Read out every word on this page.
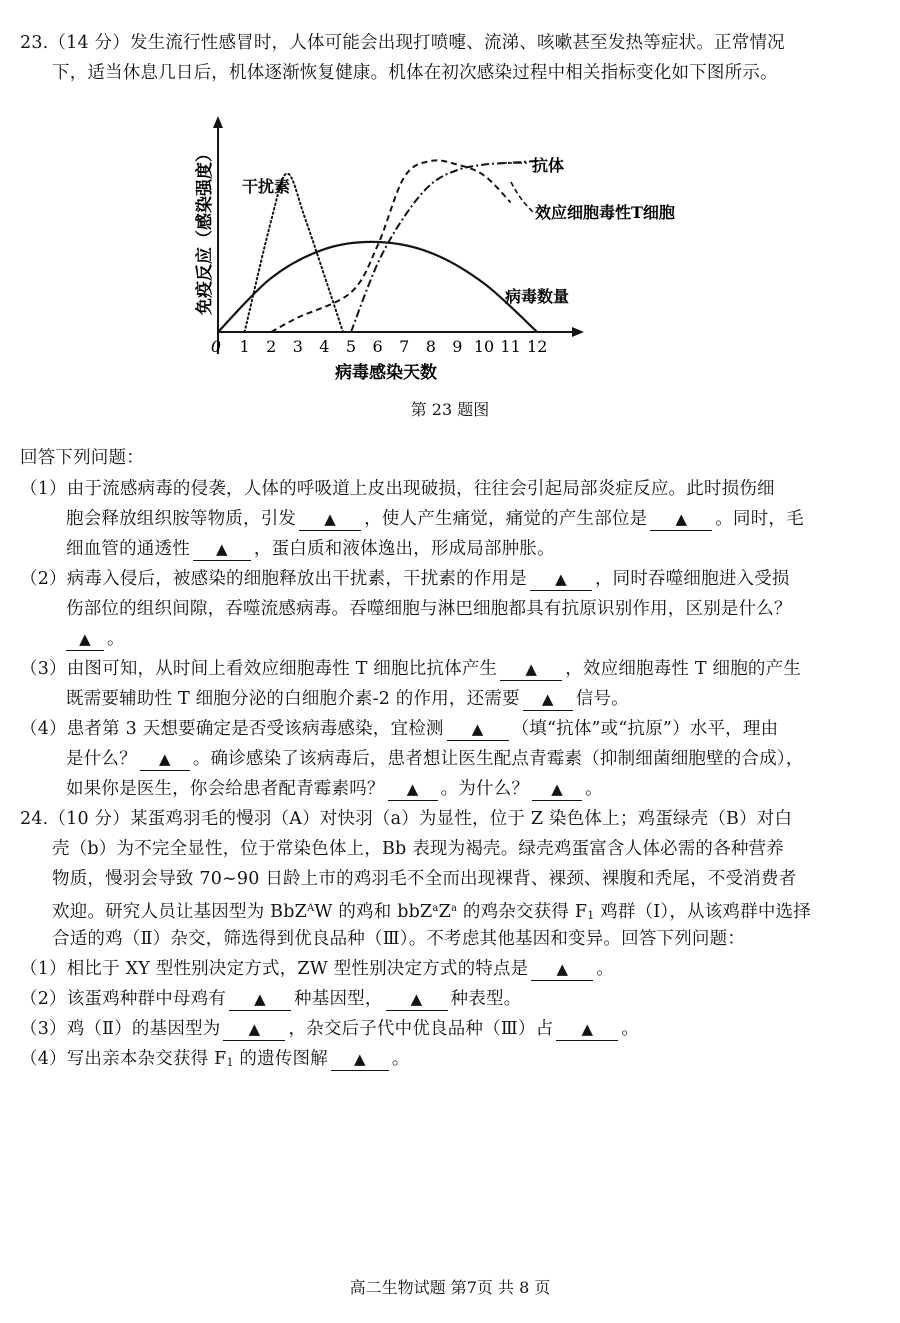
23.（14 分）发生流行性感冒时，人体可能会出现打喷嚏、流涕、咳嗽甚至发热等症状。正常情况
下，适当休息几日后，机体逐渐恢复健康。机体在初次感染过程中相关指标变化如下图所示。
0 1 2 3 4 5 6 7 8 9 10 11 12
免疫反应（感染强度）
病毒感染天数
干扰素
病毒数量
抗体
效应细胞毒性T细胞
第 23 题图
回答下列问题：
（1）由于流感病毒的侵袭，人体的呼吸道上皮出现破损，往往会引起局部炎症反应。此时损伤细
胞会释放组织胺等物质，引发 ▲ ，使人产生痛觉，痛觉的产生部位是 ▲ 。同时，毛
细血管的通透性 ▲ ，蛋白质和液体逸出，形成局部肿胀。
（2）病毒入侵后，被感染的细胞释放出干扰素，干扰素的作用是 ▲ ，同时吞噬细胞进入受损
伤部位的组织间隙，吞噬流感病毒。吞噬细胞与淋巴细胞都具有抗原识别作用，区别是什么？
▲ 。
（3）由图可知，从时间上看效应细胞毒性 T 细胞比抗体产生 ▲ ，效应细胞毒性 T 细胞的产生
既需要辅助性 T 细胞分泌的白细胞介素-2 的作用，还需要 ▲ 信号。
（4）患者第 3 天想要确定是否受该病毒感染，宜检测 ▲ （填“抗体”或“抗原”）水平，理由
是什么？ ▲ 。确诊感染了该病毒后，患者想让医生配点青霉素（抑制细菌细胞壁的合成），
如果你是医生，你会给患者配青霉素吗？ ▲ 。为什么？ ▲ 。
24.（10 分）某蛋鸡羽毛的慢羽（A）对快羽（a）为显性，位于 Z 染色体上；鸡蛋绿壳（B）对白
壳（b）为不完全显性，位于常染色体上，Bb 表现为褐壳。绿壳鸡蛋富含人体必需的各种营养
物质，慢羽会导致 70~90 日龄上市的鸡羽毛不全而出现裸背、裸颈、裸腹和秃尾，不受消费者
欢迎。研究人员让基因型为 BbZ$^A$W 的鸡和 $bbZ^aZ^a$ 的鸡杂交获得 $F_1$ 鸡群（Ⅰ），从该鸡群中选择
合适的鸡（Ⅱ）杂交，筛选得到优良品种（Ⅲ）。不考虑其他基因和变异。回答下列问题：
（1）相比于 XY 型性别决定方式，ZW 型性别决定方式的特点是 ▲ 。
（2）该蛋鸡种群中母鸡有 ▲ 种基因型， ▲ 种表型。
（3）鸡（Ⅱ）的基因型为 ▲ ，杂交后子代中优良品种（Ⅲ）占 ▲ 。
（4）写出亲本杂交获得 $F_1$ 的遗传图解 ▲ 。
高二生物试题 第7页 共 8 页
